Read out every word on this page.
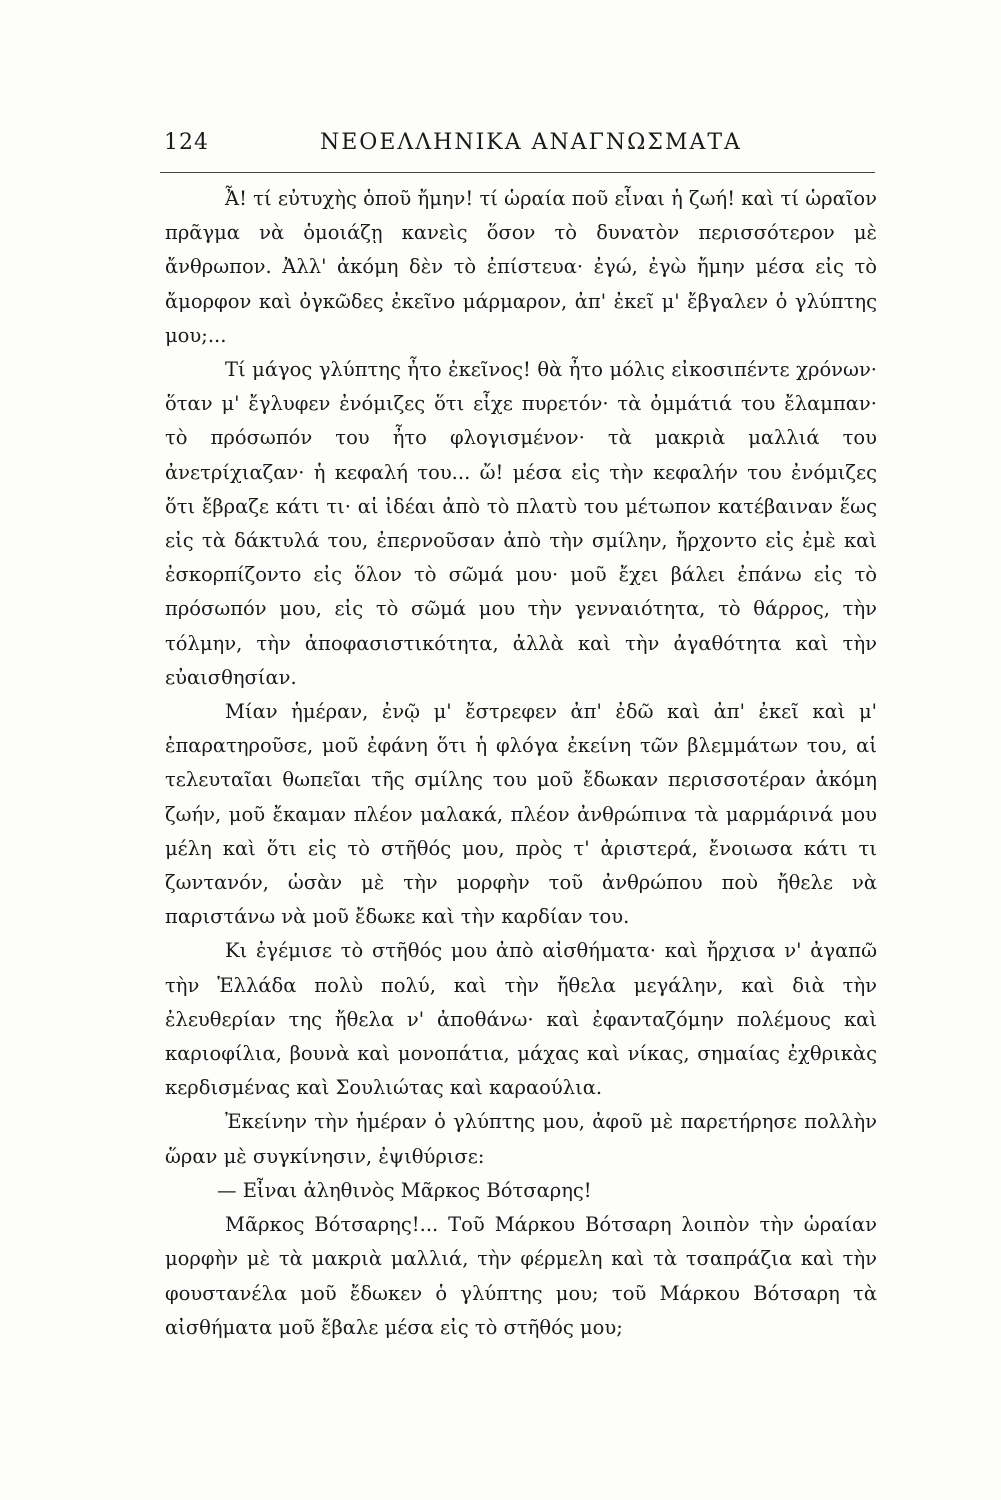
124	ΝΕΟΕΛΛΗΝΙΚΑ ΑΝΑΓΝΩΣΜΑΤΑ

Ἆ! τί εὐτυχὴς ὁποῦ ἤμην! τί ὡραία ποῦ εἶναι ἡ ζωή! καὶ τί ὡραῖον πρᾶγμα νὰ ὁμοιάζῃ κανεὶς ὅσον τὸ δυνατὸν περισσότερον μὲ ἄνθρωπον. Ἀλλ' ἀκόμη δὲν τὸ ἐπίστευα· ἐγώ, ἐγὼ ἤμην μέσα εἰς τὸ ἄμορφον καὶ ὀγκῶδες ἐκεῖνο μάρμαρον, ἀπ' ἐκεῖ μ' ἔβγαλεν ὁ γλύπτης μου;...

Τί μάγος γλύπτης ἦτο ἐκεῖνος! θὰ ἦτο μόλις εἰκοσιπέντε χρόνων· ὅταν μ' ἔγλυφεν ἐνόμιζες ὅτι εἶχε πυρετόν· τὰ ὀμμάτιά του ἔλαμπαν· τὸ πρόσωπόν του ἦτο φλογισμένον· τὰ μακριὰ μαλλιά του ἀνετρίχιαζαν· ἡ κεφαλή του... ὤ! μέσα εἰς τὴν κεφαλήν του ἐνόμιζες ὅτι ἔβραζε κάτι τι· αἱ ἰδέαι ἀπὸ τὸ πλατὺ του μέτωπον κατέβαιναν ἕως εἰς τὰ δάκτυλά του, ἐπερνοῦσαν ἀπὸ τὴν σμίλην, ἤρχοντο εἰς ἐμὲ καὶ ἐσκορπίζοντο εἰς ὅλον τὸ σῶμά μου· μοῦ ἔχει βάλει ἐπάνω εἰς τὸ πρόσωπόν μου, εἰς τὸ σῶμά μου τὴν γενναιότητα, τὸ θάρρος, τὴν τόλμην, τὴν ἀποφασιστικότητα, ἀλλὰ καὶ τὴν ἀγαθότητα καὶ τὴν εὐαισθησίαν.

Μίαν ἡμέραν, ἐνῷ μ' ἔστρεφεν ἀπ' ἐδῶ καὶ ἀπ' ἐκεῖ καὶ μ' ἐπαρατηροῦσε, μοῦ ἐφάνη ὅτι ἡ φλόγα ἐκείνη τῶν βλεμμάτων του, αἱ τελευταῖαι θωπεῖαι τῆς σμίλης του μοῦ ἔδωκαν περισσοτέραν ἀκόμη ζωήν, μοῦ ἔκαμαν πλέον μαλακά, πλέον ἀνθρώπινα τὰ μαρμάρινά μου μέλη καὶ ὅτι εἰς τὸ στῆθός μου, πρὸς τ' ἀριστερά, ἔνοιωσα κάτι τι ζωντανόν, ὡσὰν μὲ τὴν μορφὴν τοῦ ἀνθρώπου ποὺ ἤθελε νὰ παριστάνω νὰ μοῦ ἔδωκε καὶ τὴν καρδίαν του.

Κι ἐγέμισε τὸ στῆθός μου ἀπὸ αἰσθήματα· καὶ ἤρχισα ν' ἀγαπῶ τὴν Ἑλλάδα πολὺ πολύ, καὶ τὴν ἤθελα μεγάλην, καὶ διὰ τὴν ἐλευθερίαν της ἤθελα ν' ἀποθάνω· καὶ ἐφανταζόμην πολέμους καὶ καριοφίλια, βουνὰ καὶ μονοπάτια, μάχας καὶ νίκας, σημαίας ἐχθρικὰς κερδισμένας καὶ Σουλιώτας καὶ καραούλια.

Ἐκείνην τὴν ἡμέραν ὁ γλύπτης μου, ἀφοῦ μὲ παρετήρησε πολλὴν ὥραν μὲ συγκίνησιν, ἐψιθύρισε:

— Εἶναι ἀληθινὸς Μᾶρκος Βότσαρης!

Μᾶρκος Βότσαρης!... Τοῦ Μάρκου Βότσαρη λοιπὸν τὴν ὡραίαν μορφὴν μὲ τὰ μακριὰ μαλλιά, τὴν φέρμελη καὶ τὰ τσαπράζια καὶ τὴν φουστανέλα μοῦ ἔδωκεν ὁ γλύπτης μου; τοῦ Μάρκου Βότσαρη τὰ αἰσθήματα μοῦ ἔβαλε μέσα εἰς τὸ στῆθός μου;
